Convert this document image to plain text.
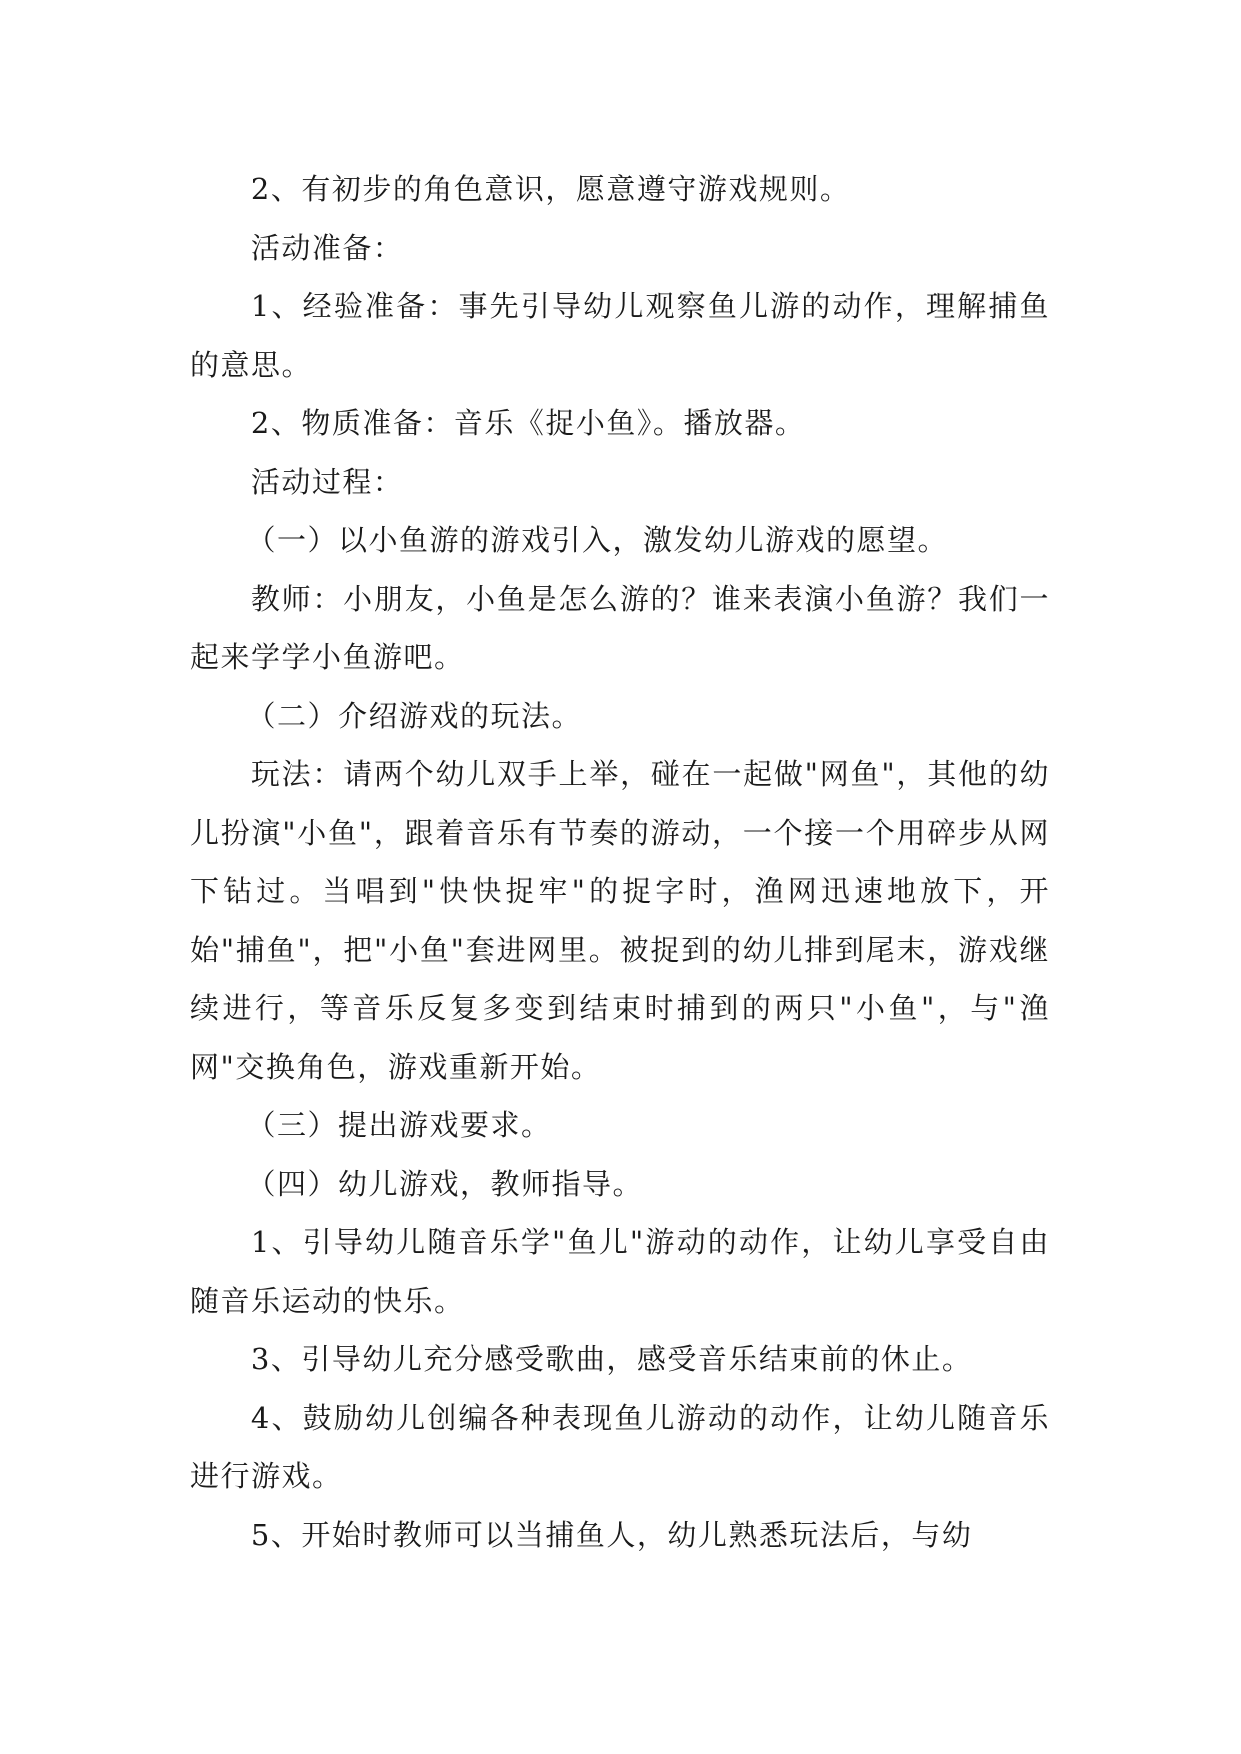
2、有初步的角色意识，愿意遵守游戏规则。

活动准备：

1、经验准备：事先引导幼儿观察鱼儿游的动作，理解捕鱼的意思。

2、物质准备：音乐《捉小鱼》。播放器。

活动过程：

（一）以小鱼游的游戏引入，激发幼儿游戏的愿望。

教师：小朋友，小鱼是怎么游的？谁来表演小鱼游？我们一起来学学小鱼游吧。

（二）介绍游戏的玩法。

玩法：请两个幼儿双手上举，碰在一起做"网鱼"，其他的幼儿扮演"小鱼"，跟着音乐有节奏的游动，一个接一个用碎步从网下钻过。当唱到"快快捉牢"的捉字时，渔网迅速地放下，开始"捕鱼"，把"小鱼"套进网里。被捉到的幼儿排到尾末，游戏继续进行，等音乐反复多变到结束时捕到的两只"小鱼"，与"渔网"交换角色，游戏重新开始。

（三）提出游戏要求。

（四）幼儿游戏，教师指导。

1、引导幼儿随音乐学"鱼儿"游动的动作，让幼儿享受自由随音乐运动的快乐。

3、引导幼儿充分感受歌曲，感受音乐结束前的休止。

4、鼓励幼儿创编各种表现鱼儿游动的动作，让幼儿随音乐进行游戏。

5、开始时教师可以当捕鱼人，幼儿熟悉玩法后，与幼
